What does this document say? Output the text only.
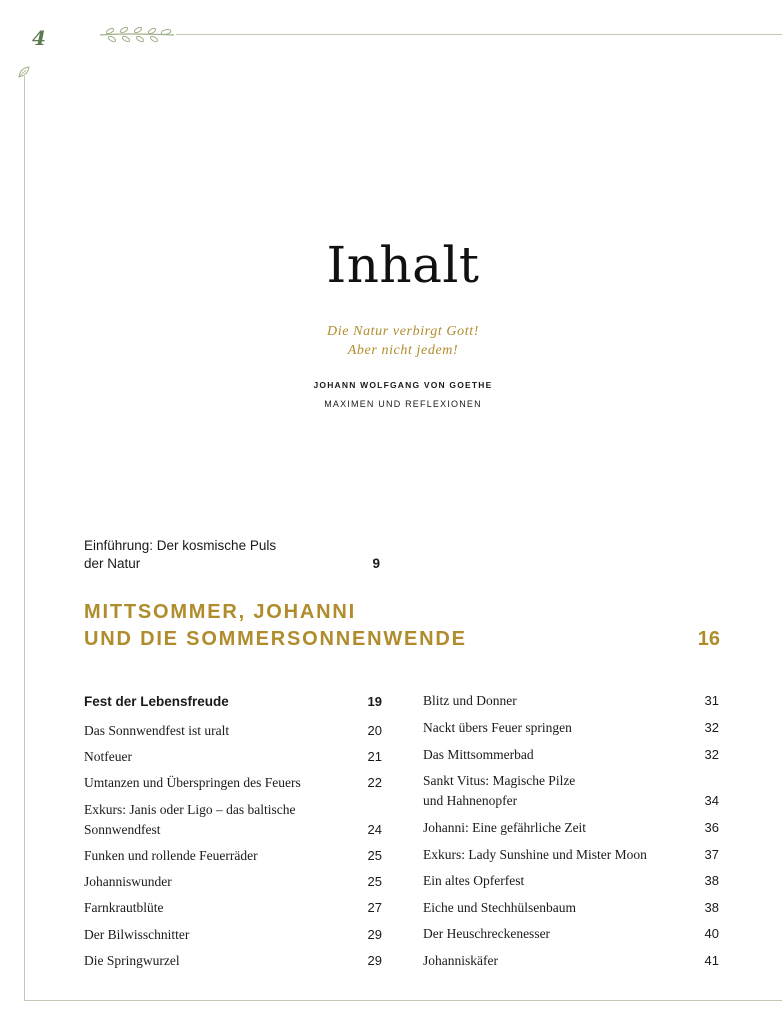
4
Inhalt
Die Natur verbirgt Gott!
Aber nicht jedem!
JOHANN WOLFGANG VON GOETHE
MAXIMEN UND REFLEXIONEN
Einführung: Der kosmische Puls
der Natur	9
MITTSOMMER, JOHANNI
UND DIE SOMMERSONNENWENDE	16
Fest der Lebensfreude	19
Das Sonnwendfest ist uralt	20
Notfeuer	21
Umtanzen und Überspringen des Feuers	22
Exkurs: Janis oder Ligo – das baltische
Sonnwendfest	24
Funken und rollende Feuerräder	25
Johanniswunder	25
Farnkrautblüte	27
Der Bilwisschnitter	29
Die Springwurzel	29
Blitz und Donner	31
Nackt übers Feuer springen	32
Das Mittsommerbad	32
Sankt Vitus: Magische Pilze
und Hahnenopfer	34
Johanni: Eine gefährliche Zeit	36
Exkurs: Lady Sunshine und Mister Moon	37
Ein altes Opferfest	38
Eiche und Stechhülsenbaum	38
Der Heuschreckenesser	40
Johanniskäfer	41
